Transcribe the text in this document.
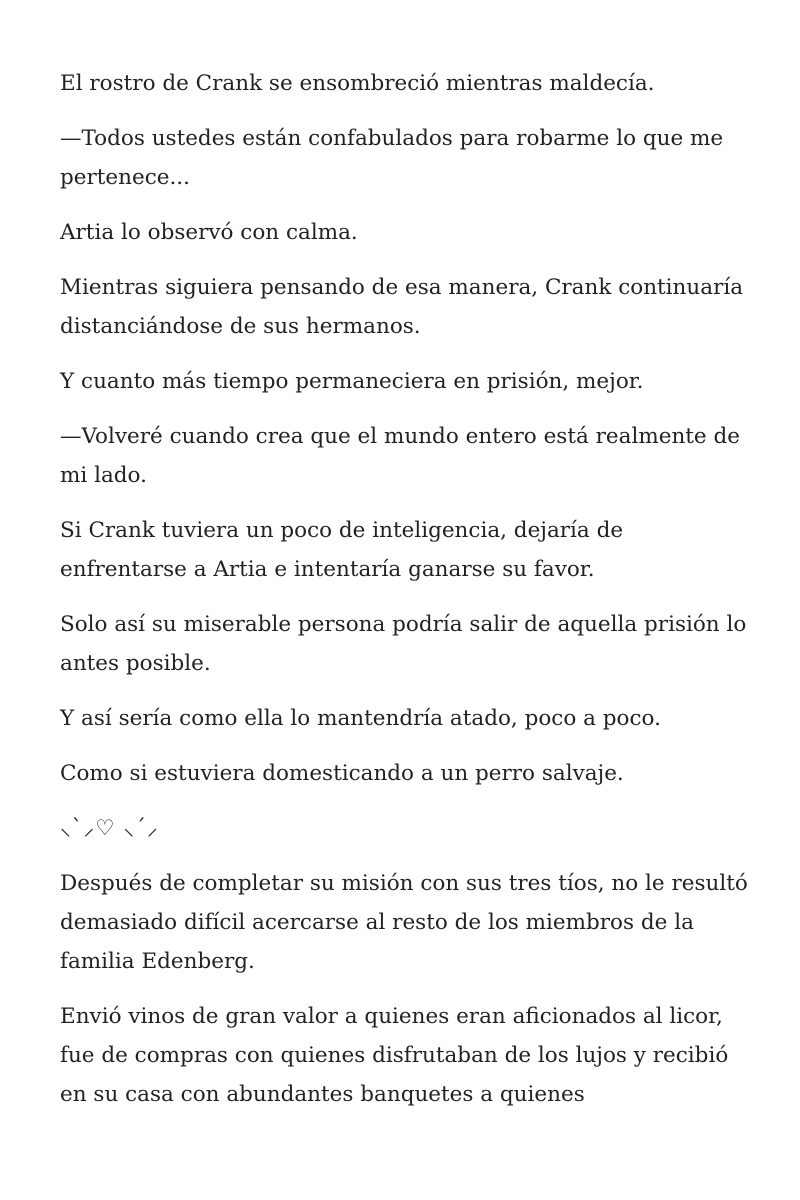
El rostro de Crank se ensombreció mientras maldecía.

—Todos ustedes están confabulados para robarme lo que me pertenece...

Artia lo observó con calma.

Mientras siguiera pensando de esa manera, Crank continuaría distanciándose de sus hermanos.

Y cuanto más tiempo permaneciera en prisión, mejor.

—Volveré cuando crea que el mundo entero está realmente de mi lado.

Si Crank tuviera un poco de inteligencia, dejaría de enfrentarse a Artia e intentaría ganarse su favor.

Solo así su miserable persona podría salir de aquella prisión lo antes posible.

Y así sería como ella lo mantendría atado, poco a poco.

Como si estuviera domesticando a un perro salvaje.

⸜`⸝♡ ⸜´⸝

Después de completar su misión con sus tres tíos, no le resultó demasiado difícil acercarse al resto de los miembros de la familia Edenberg.

Envió vinos de gran valor a quienes eran aficionados al licor, fue de compras con quienes disfrutaban de los lujos y recibió en su casa con abundantes banquetes a quienes
